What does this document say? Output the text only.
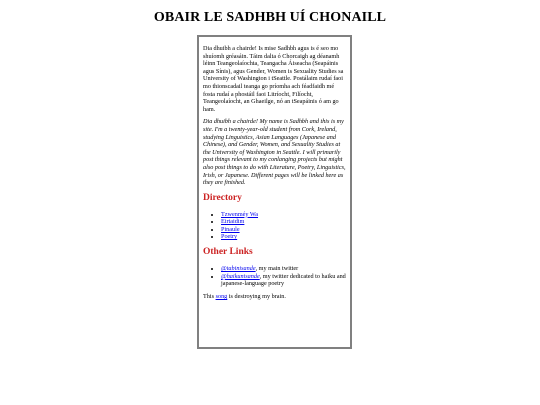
OBAIR LE SADHBH UÍ CHONAILL

Dia dhuibh a chairde! Is mise Sadhbh agus is é seo mo shuíomh gréasáin. Táim dalta ó Chorcaigh ag déanamh léinn Teangeolaíochta, Teangacha Áiseacha (Seapáinis agus Sínis), agus Gender, Women is Sexuality Studies sa University of Washington i tSeattle. Postálaim rudaí faoi mo thionscadail teanga go príomha ach féadfaidh mé fosta rudaí a phostáil faoi Litríocht, Filíocht, Teangeolaíocht, an Ghaeilge, nó an tSeapáinis ó am go ham.

Dia dhuibh a chairde! My name is Sadhbh and this is my site. I'm a twenty-year-old student from Cork, Ireland, studying Linguistics, Asian Languages (Japanese and Chinese), and Gender, Women, and Sexuality Studies at the University of Washington in Seattle. I will primarily post things relevant to my conlanging projects but might also post things to do with Literature, Poetry, Linguistics, Irish, or Japanese. Different pages will be linked here as they are finished.

Directory
• Tzwenméy Wa
• Eirtaidim
• Pinaule
• Poetry
Other Links
• @tabinisande, my main twitter
• @haikunisande, my twitter dedicated to haiku and japanese-language poetry

This song is destroying my brain.
